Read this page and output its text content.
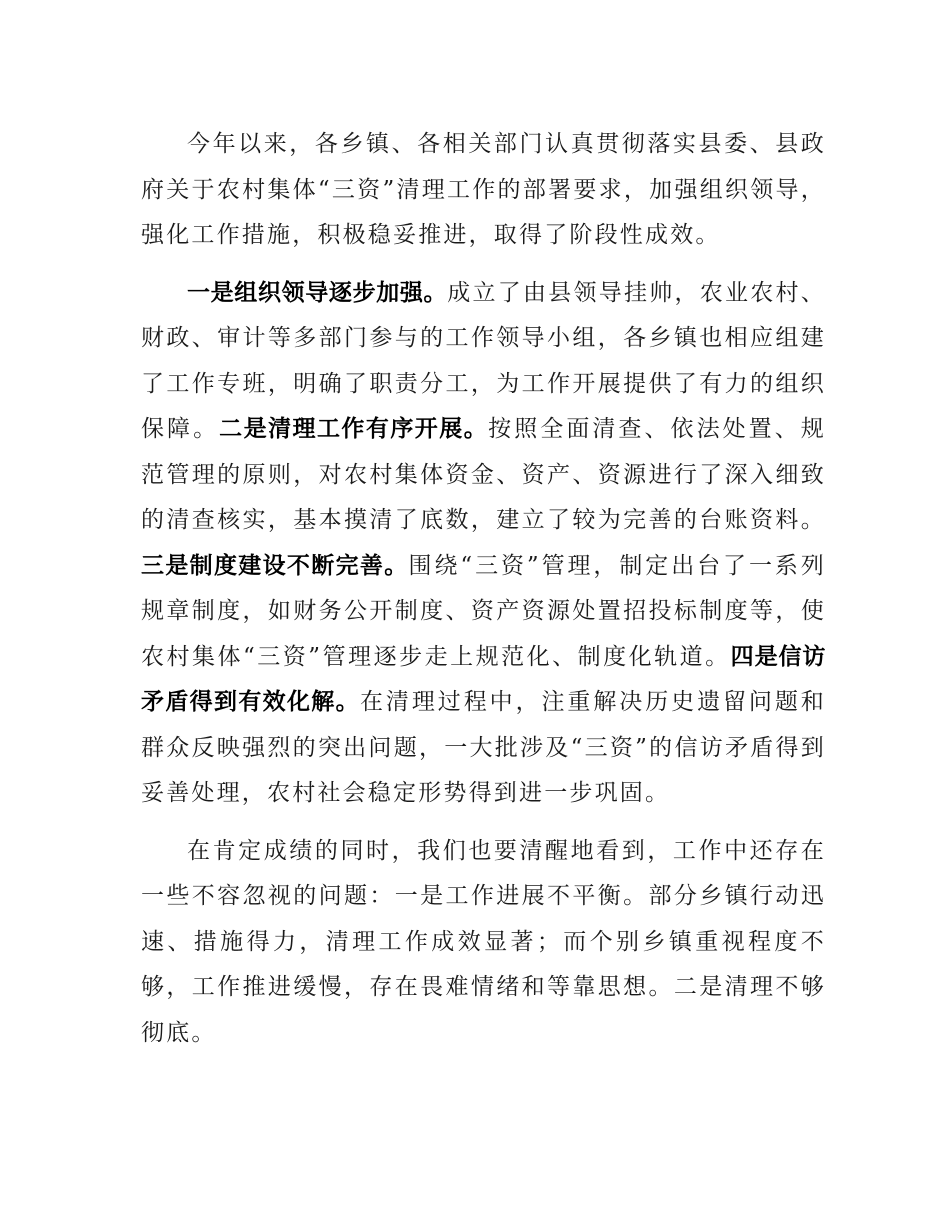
今年以来，各乡镇、各相关部门认真贯彻落实县委、县政府关于农村集体“三资”清理工作的部署要求，加强组织领导，强化工作措施，积极稳妥推进，取得了阶段性成效。

一是组织领导逐步加强。成立了由县领导挂帅，农业农村、财政、审计等多部门参与的工作领导小组，各乡镇也相应组建了工作专班，明确了职责分工，为工作开展提供了有力的组织保障。二是清理工作有序开展。按照全面清查、依法处置、规范管理的原则，对农村集体资金、资产、资源进行了深入细致的清查核实，基本摸清了底数，建立了较为完善的台账资料。三是制度建设不断完善。围绕“三资”管理，制定出台了一系列规章制度，如财务公开制度、资产资源处置招投标制度等，使农村集体“三资”管理逐步走上规范化、制度化轨道。四是信访矛盾得到有效化解。在清理过程中，注重解决历史遗留问题和群众反映强烈的突出问题，一大批涉及“三资”的信访矛盾得到妥善处理，农村社会稳定形势得到进一步巩固。

在肯定成绩的同时，我们也要清醒地看到，工作中还存在一些不容忽视的问题：一是工作进展不平衡。部分乡镇行动迅速、措施得力，清理工作成效显著；而个别乡镇重视程度不够，工作推进缓慢，存在畏难情绪和等靠思想。二是清理不够彻底。
